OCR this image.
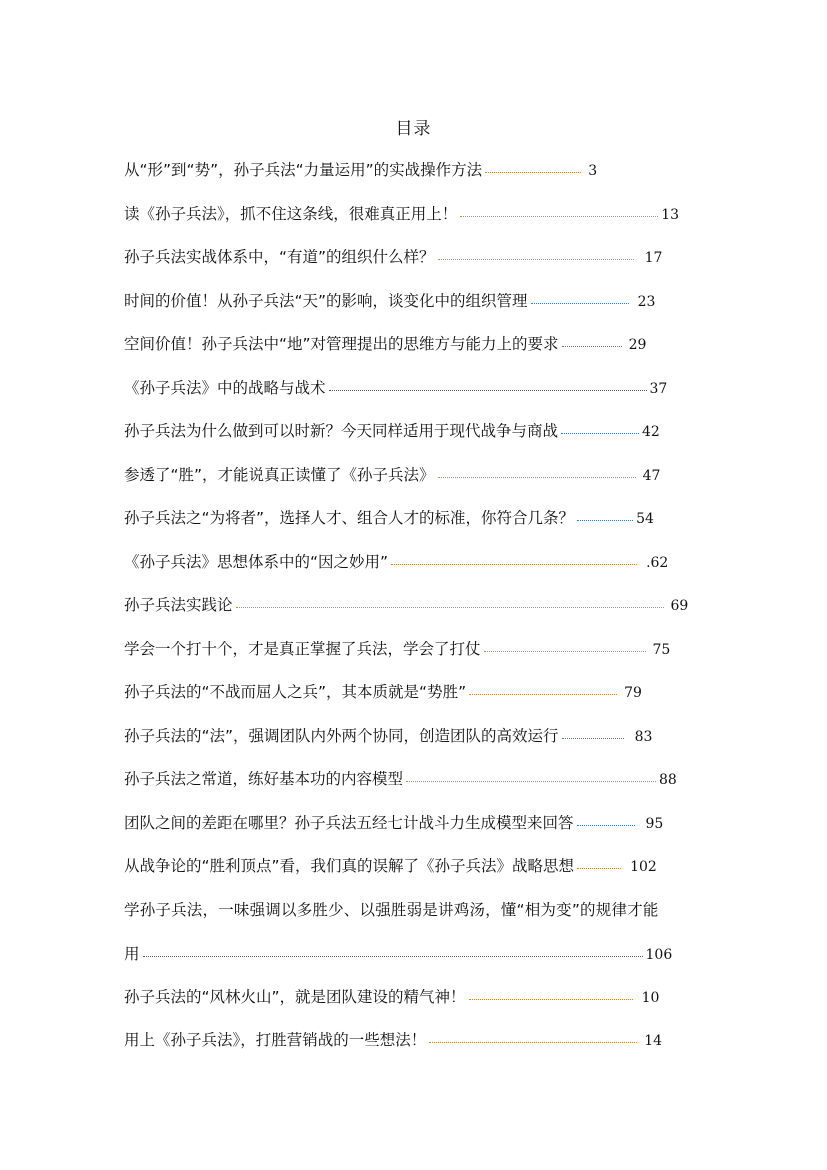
目录
从“形”到“势”，孙子兵法“力量运用”的实战操作方法	3
读《孙子兵法》，抓不住这条线，很难真正用上！	13
孙子兵法实战体系中，“有道”的组织什么样？	17
时间的价值！从孙子兵法“天”的影响，谈变化中的组织管理	23
空间价值！孙子兵法中“地”对管理提出的思维方与能力上的要求	29
《孙子兵法》中的战略与战术	37
孙子兵法为什么做到可以时新？今天同样适用于现代战争与商战	42
参透了“胜”，才能说真正读懂了《孙子兵法》	47
孙子兵法之“为将者”，选择人才、组合人才的标准，你符合几条？	54
《孙子兵法》思想体系中的“因之妙用”	.62
孙子兵法实践论	69
学会一个打十个，才是真正掌握了兵法，学会了打仗	75
孙子兵法的“不战而屈人之兵”，其本质就是“势胜”	79
孙子兵法的“法”，强调团队内外两个协同，创造团队的高效运行	83
孙子兵法之常道，练好基本功的内容模型	88
团队之间的差距在哪里？孙子兵法五经七计战斗力生成模型来回答	95
从战争论的“胜利顶点”看，我们真的误解了《孙子兵法》战略思想	102
学孙子兵法，一味强调以多胜少、以强胜弱是讲鸡汤，懂“相为变”的规律才能
用	106
孙子兵法的“风林火山”，就是团队建设的精气神！	10
用上《孙子兵法》，打胜营销战的一些想法！	14
